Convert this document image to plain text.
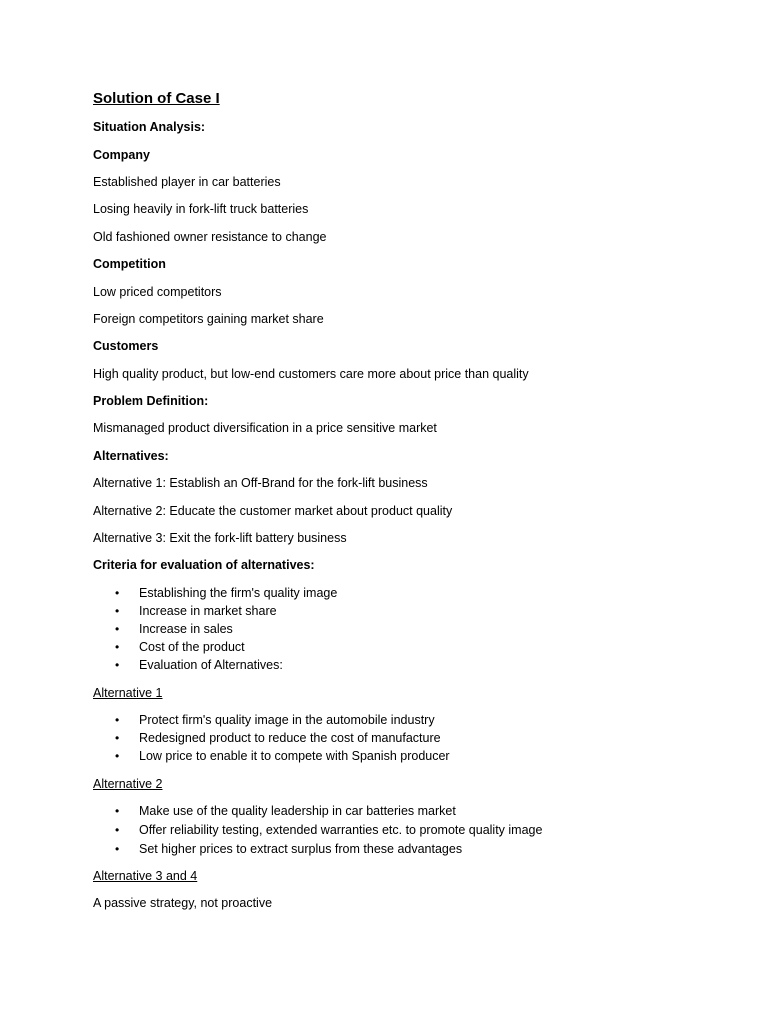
Solution of Case I
Situation Analysis:
Company
Established player in car batteries
Losing heavily in fork-lift truck batteries
Old fashioned owner resistance to change
Competition
Low priced competitors
Foreign competitors gaining market share
Customers
High quality product, but low-end customers care more about price than quality
Problem Definition:
Mismanaged product diversification in a price sensitive market
Alternatives:
Alternative 1: Establish an Off-Brand for the fork-lift business
Alternative 2: Educate the customer market about product quality
Alternative 3: Exit the fork-lift battery business
Criteria for evaluation of alternatives:
• Establishing the firm's quality image
• Increase in market share
• Increase in sales
• Cost of the product
• Evaluation of Alternatives:
Alternative 1
• Protect firm's quality image in the automobile industry
• Redesigned product to reduce the cost of manufacture
• Low price to enable it to compete with Spanish producer
Alternative 2
• Make use of the quality leadership in car batteries market
• Offer reliability testing, extended warranties etc. to promote quality image
• Set higher prices to extract surplus from these advantages
Alternative 3 and 4
A passive strategy, not proactive
